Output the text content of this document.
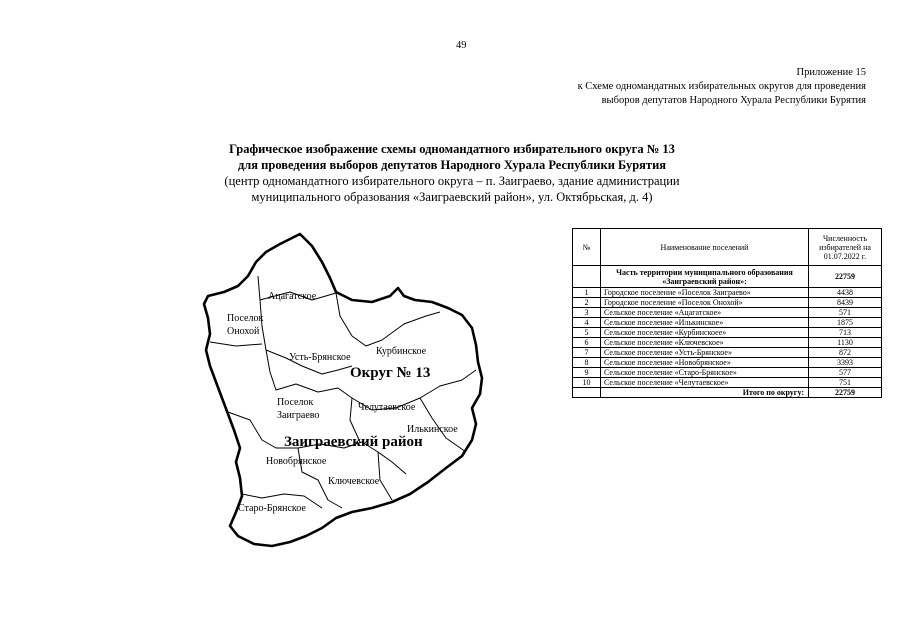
49
Приложение 15
к Схеме одномандатных избирательных округов для проведения
выборов депутатов Народного Хурала Республики Бурятия
Графическое изображение схемы одномандатного избирательного округа № 13
для проведения выборов депутатов Народного Хурала Республики Бурятия
(центр одномандатного избирательного округа – п. Заиграево, здание администрации
муниципального образования «Заиграевский район», ул. Октябрьская, д. 4)
Ацагатское
Поселок
Онохой
Курбинское
Усть-Брянское
Округ № 13
Поселок
Заиграево
Челутаевское
Илькинское
Заиграевский район
Новобрянское
Ключевское
Старо-Брянское
№	Наименование поселений	Численность избирателей на 01.07.2022 г.
	Часть территории муниципального образования «Заиграевский район»:	22759
1	Городское поселение «Поселок Заиграево»	4438
2	Городское поселение «Поселок Онохой»	8439
3	Сельское поселение «Ацагатское»	571
4	Сельское поселение «Илькинское»	1875
5	Сельское поселение «Курбинскоее»	713
6	Сельское поселение «Ключевское»	1130
7	Сельское поселение «Усть-Брянское»	872
8	Сельское поселение «Новобрянское»	3393
9	Сельское поселение «Старо-Брянское»	577
10	Сельское поселение «Челутаевское»	751
	Итого по округу:	22759
